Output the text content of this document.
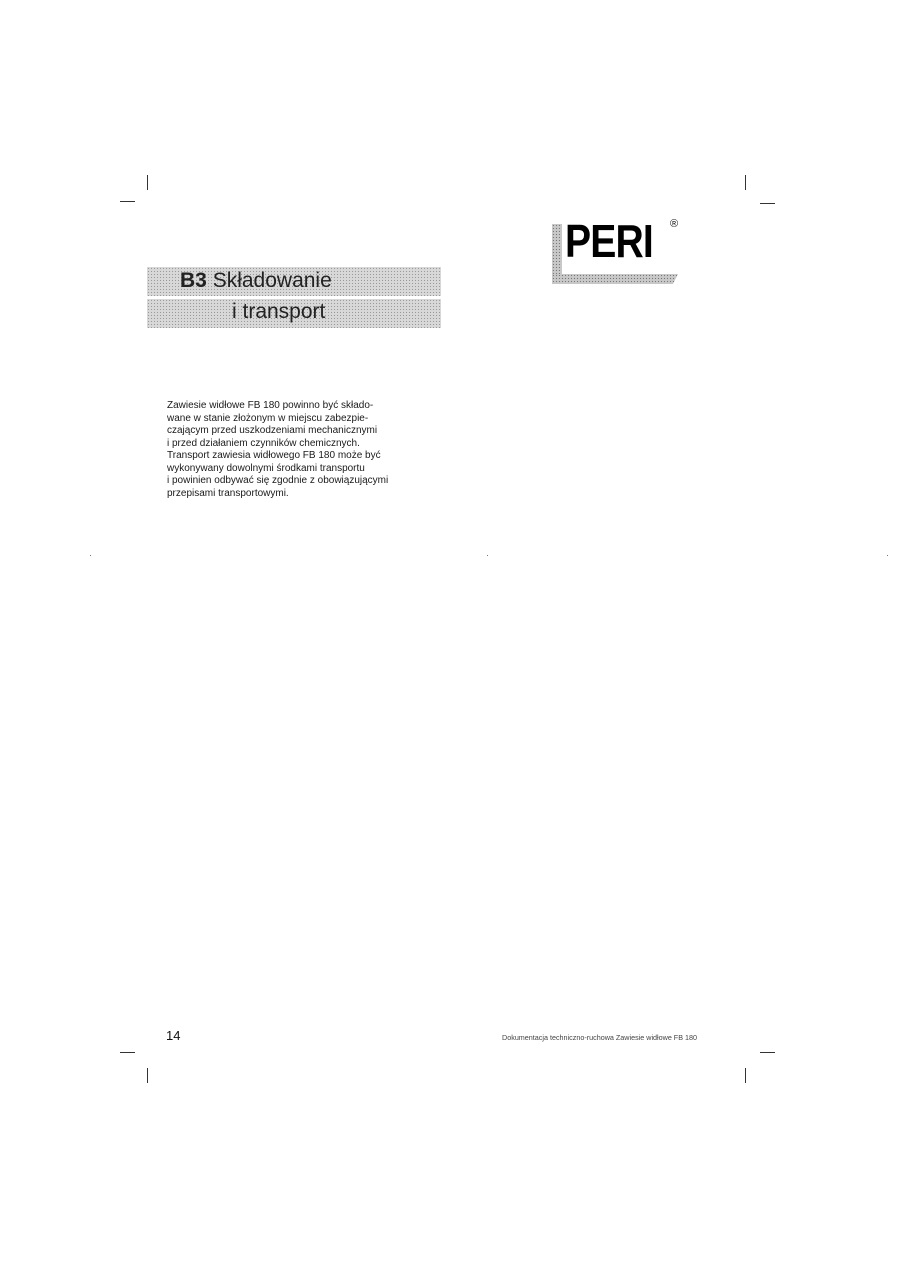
B3 Składowanie
i transport
PERI ®
Zawiesie widłowe FB 180 powinno być składo-
wane w stanie złożonym w miejscu zabezpie-
czającym przed uszkodzeniami mechanicznymi
i przed działaniem czynników chemicznych.
Transport zawiesia widłowego FB 180 może być
wykonywany dowolnymi środkami transportu
i powinien odbywać się zgodnie z obowiązującymi
przepisami transportowymi.
14	Dokumentacja techniczno-ruchowa Zawiesie widłowe FB 180
